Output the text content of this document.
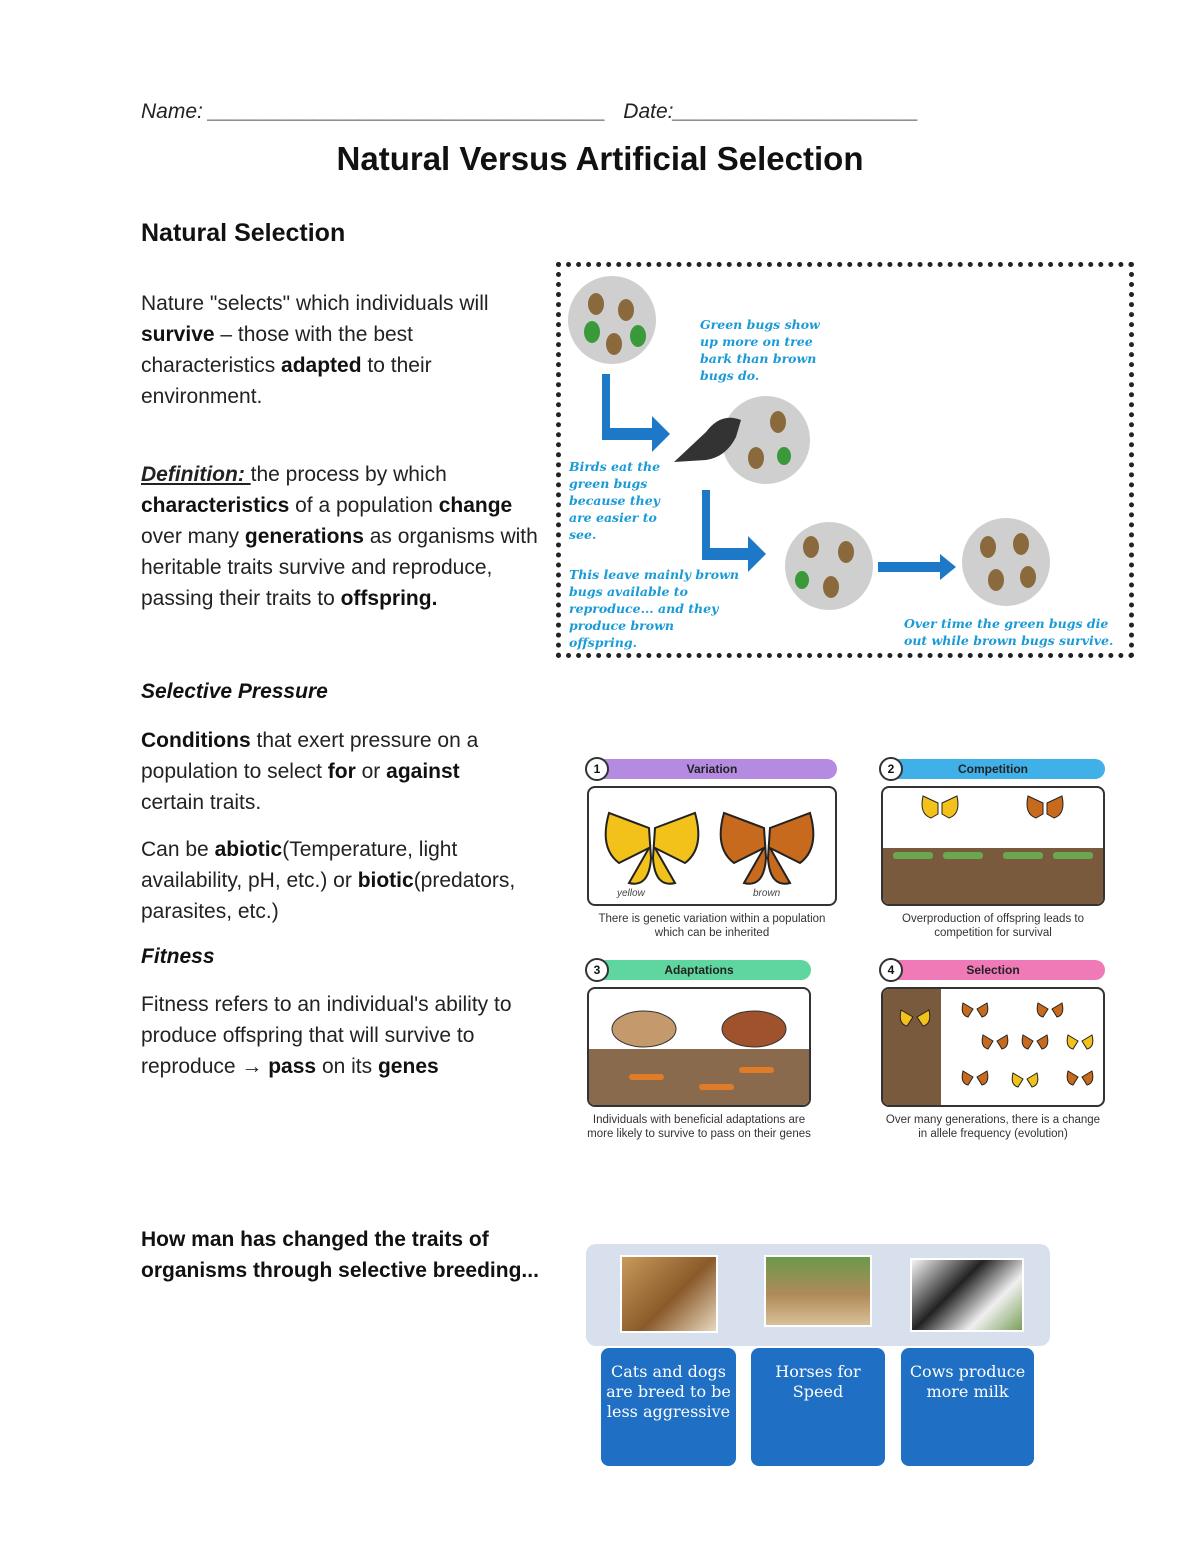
Name: __________________________________   Date:_____________________
Natural Versus Artificial Selection
Natural Selection
Nature "selects" which individuals will survive – those with the best characteristics adapted to their environment.
Definition: the process by which characteristics of a population change over many generations as organisms with heritable traits survive and reproduce, passing their traits to offspring.
Selective Pressure
Conditions that exert pressure on a population to select for or against certain traits.
Can be abiotic(Temperature, light availability, pH, etc.) or biotic(predators, parasites, etc.)
Fitness
Fitness refers to an individual's ability to produce offspring that will survive to reproduce → pass on its genes
Green bugs show up more on tree bark than brown bugs do.
Birds eat the green bugs because they are easier to see.
This leave mainly brown bugs available to reproduce... and they produce brown offspring.
Over time the green bugs die out while brown bugs survive.
Variation
1
yellow	brown
There is genetic variation within a population which can be inherited
Competition
2
Overproduction of offspring leads to competition for survival
Adaptations
3
Individuals with beneficial adaptations are more likely to survive to pass on their genes
Selection
4
Over many generations, there is a change in allele frequency (evolution)
How man has changed the traits of organisms through selective breeding...
Cats and dogs are breed to be less aggressive
Horses for Speed
Cows produce more milk
